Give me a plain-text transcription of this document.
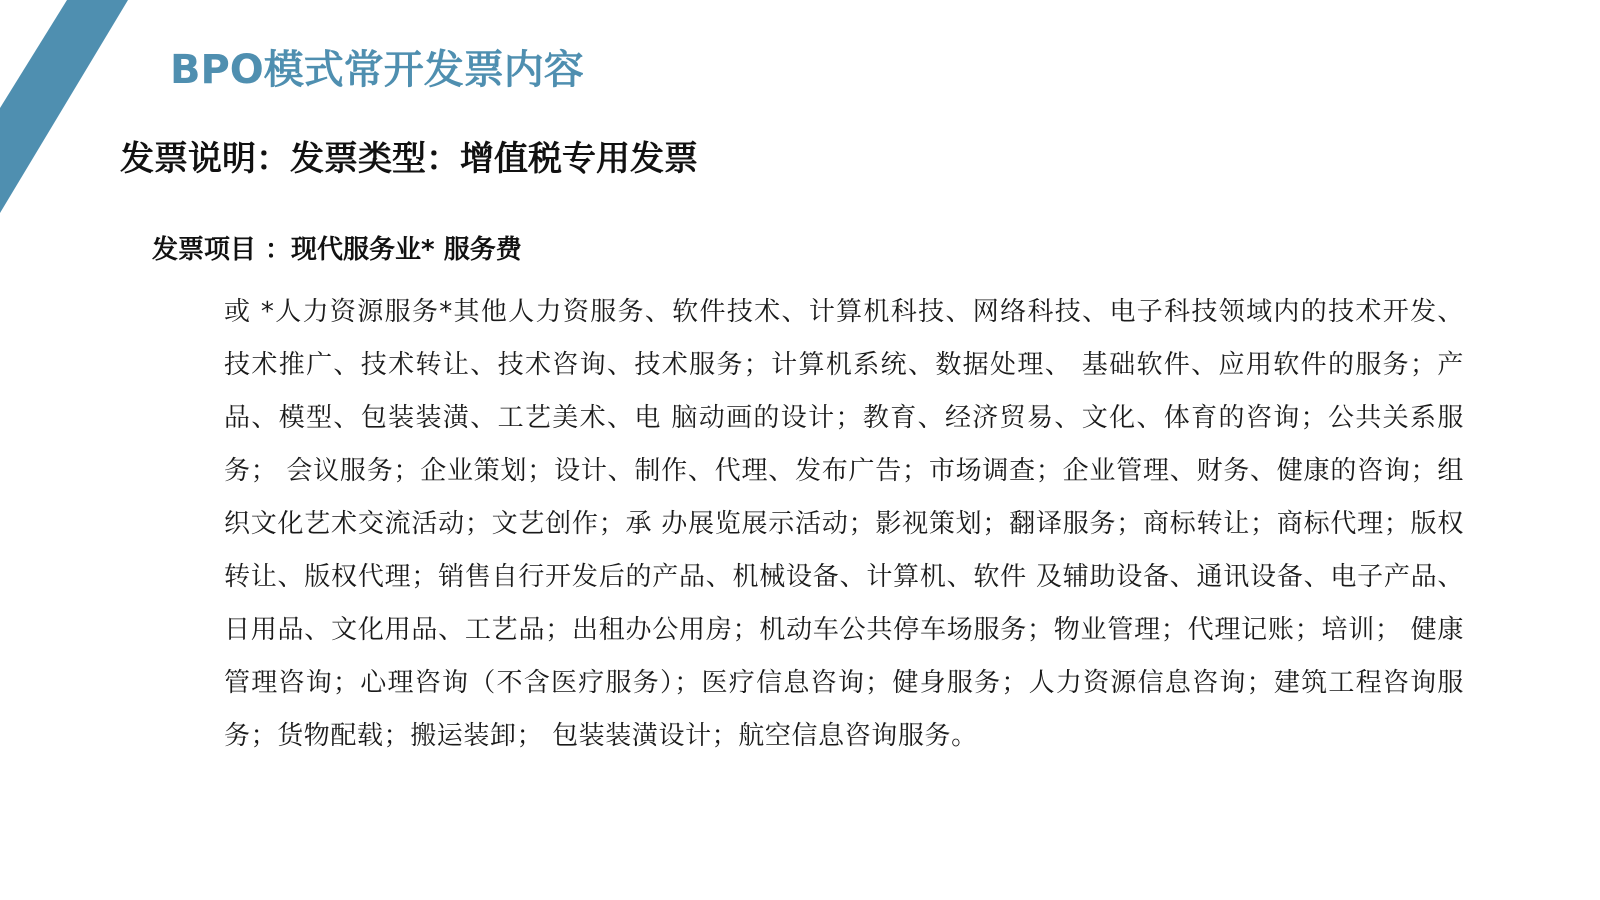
BPO模式常开发票内容
发票说明：发票类型：增值税专用发票
发票项目 ：现代服务业* 服务费

或 *人力资源服务*其他人力资服务、软件技术、计算机科技、网络科技、电子科技领域内的技术开发、 技术推广、技术转让、技术咨询、技术服务；计算机系统、数据处理、 基础软件、应用软件的服务；产品、模型、包装装潢、工艺美术、电 脑动画的设计；教育、经济贸易、文化、体育的咨询；公共关系服务； 会议服务；企业策划；设计、制作、代理、发布广告；市场调查；企业管理、财务、健康的咨询；组织文化艺术交流活动；文艺创作；承 办展览展示活动；影视策划；翻译服务；商标转让；商标代理；版权 转让、版权代理；销售自行开发后的产品、机械设备、计算机、软件 及辅助设备、通讯设备、电子产品、日用品、文化用品、工艺品；出租办公用房；机动车公共停车场服务；物业管理；代理记账；培训； 健康管理咨询；心理咨询（不含医疗服务）；医疗信息咨询；健身服务；人力资源信息咨询；建筑工程咨询服务；货物配载；搬运装卸； 包装装潢设计；航空信息咨询服务。
